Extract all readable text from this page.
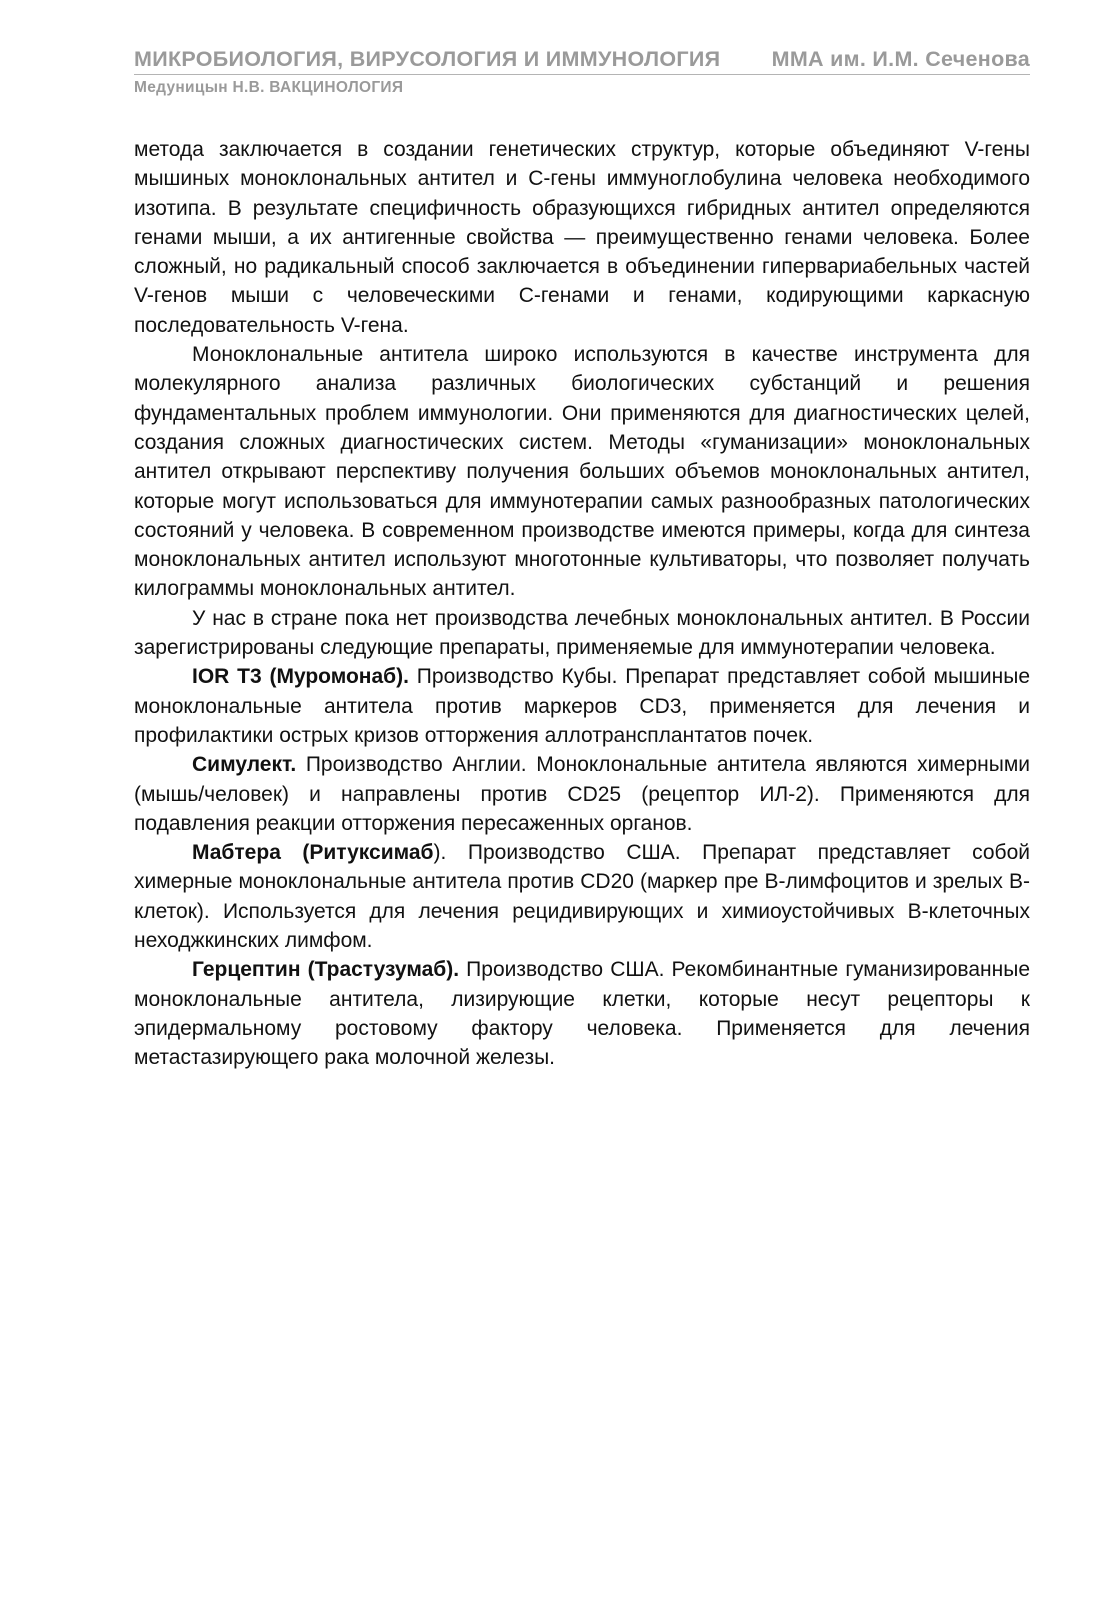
МИКРОБИОЛОГИЯ, ВИРУСОЛОГИЯ И ИММУНОЛОГИЯ ММА им. И.М. Сеченова
Медуницын Н.В. ВАКЦИНОЛОГИЯ

метода заключается в создании генетических структур, которые объединяют V-гены мышиных моноклональных антител и С-гены иммуноглобулина человека необходимого изотипа. В результате специфичность образующихся гибридных антител определяются генами мыши, а их антигенные свойства — преимущественно генами человека. Более сложный, но радикальный способ заключается в объединении гипервариабельных частей V-генов мыши с человеческими С-генами и генами, кодирующими каркасную последовательность V-гена.

Моноклональные антитела широко используются в качестве инструмента для молекулярного анализа различных биологических субстанций и решения фундаментальных проблем иммунологии. Они применяются для диагностических целей, создания сложных диагностических систем. Методы «гуманизации» моноклональных антител открывают перспективу получения больших объемов моноклональных антител, которые могут использоваться для иммунотерапии самых разнообразных патологических состояний у человека. В современном производстве имеются примеры, когда для синтеза моноклональных антител используют многотонные культиваторы, что позволяет получать килограммы моноклональных антител.

У нас в стране пока нет производства лечебных моноклональных антител. В России зарегистрированы следующие препараты, применяемые для иммунотерапии человека.

IOR T3 (Муромонаб). Производство Кубы. Препарат представляет собой мышиные моноклональные антитела против маркеров CD3, применяется для лечения и профилактики острых кризов отторжения аллотрансплантатов почек.

Симулект. Производство Англии. Моноклональные антитела являются химерными (мышь/человек) и направлены против CD25 (рецептор ИЛ-2). Применяются для подавления реакции отторжения пересаженных органов.

Мабтера (Ритуксимаб). Производство США. Препарат представляет собой химерные моноклональные антитела против CD20 (маркер пре В-лимфоцитов и зрелых В-клеток). Используется для лечения рецидивирующих и химиоустойчивых В-клеточных неходжкинских лимфом.

Герцептин (Трастузумаб). Производство США. Рекомбинантные гуманизированные моноклональные антитела, лизирующие клетки, которые несут рецепторы к эпидермальному ростовому фактору человека. Применяется для лечения метастазирующего рака молочной железы.
